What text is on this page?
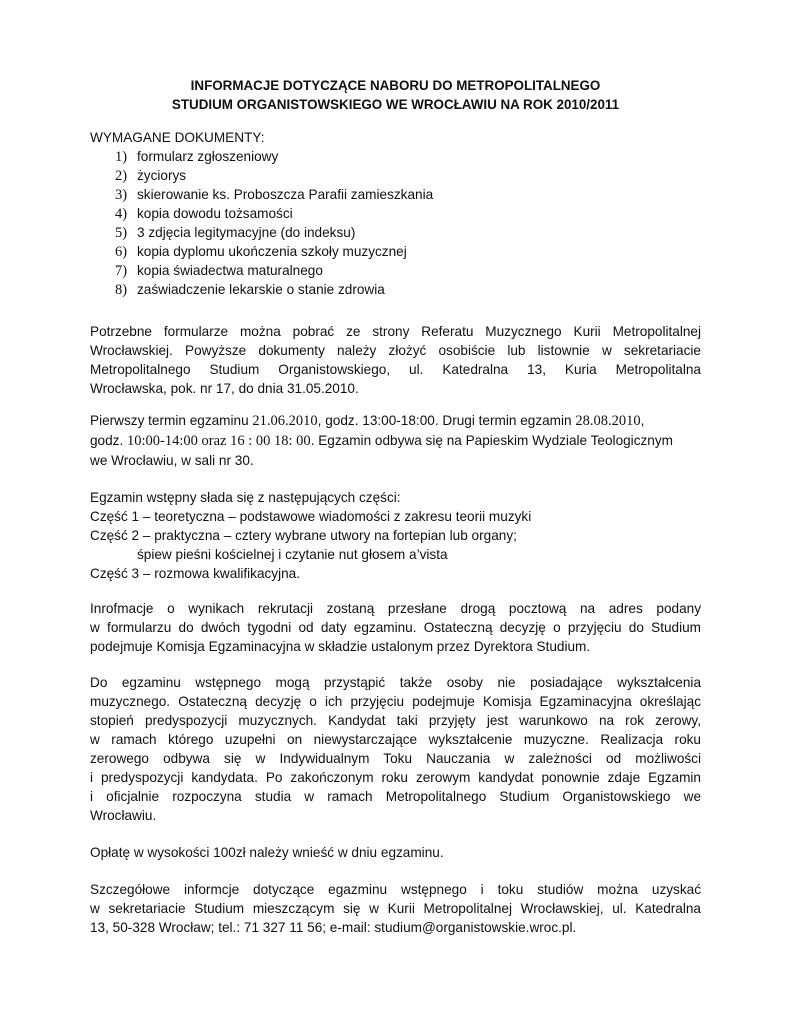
INFORMACJE DOTYCZĄCE NABORU DO METROPOLITALNEGO
STUDIUM ORGANISTOWSKIEGO WE WROCŁAWIU NA ROK 2010/2011
WYMAGANE DOKUMENTY:
1) formularz zgłoszeniowy
2) życiorys
3) skierowanie ks. Proboszcza Parafii zamieszkania
4) kopia dowodu tożsamości
5) 3 zdjęcia legitymacyjne (do indeksu)
6) kopia dyplomu ukończenia szkoły muzycznej
7) kopia świadectwa maturalnego
8) zaświadczenie lekarskie o stanie zdrowia
Potrzebne formularze można pobrać ze strony Referatu Muzycznego Kurii Metropolitalnej
Wrocławskiej. Powyższe dokumenty należy złożyć osobiście lub listownie w sekretariacie
Metropolitalnego Studium Organistowskiego, ul. Katedralna 13, Kuria Metropolitalna
Wrocławska, pok. nr 17, do dnia 31.05.2010.
Pierwszy termin egzaminu 21.06.2010, godz. 13:00-18:00. Drugi termin egzamin 28.08.2010,
godz. 10:00-14:00 oraz 16 : 00 18: 00. Egzamin odbywa się na Papieskim Wydziale Teologicznym
we Wrocławiu, w sali nr 30.
Egzamin wstępny słada się z następujących części:
Część 1 – teoretyczna – podstawowe wiadomości z zakresu teorii muzyki
Część 2 – praktyczna – cztery wybrane utwory na fortepian lub organy;
śpiew pieśni kościelnej i czytanie nut głosem a’vista
Część 3 – rozmowa kwalifikacyjna.
Inrofmacje o wynikach rekrutacji zostaną przesłane drogą pocztową na adres podany
w formularzu do dwóch tygodni od daty egzaminu. Ostateczną decyzję o przyjęciu do Studium
podejmuje Komisja Egzaminacyjna w składzie ustalonym przez Dyrektora Studium.
Do egzaminu wstępnego mogą przystąpić także osoby nie posiadające wykształcenia
muzycznego. Ostateczną decyzję o ich przyjęciu podejmuje Komisja Egzaminacyjna określając
stopień predyspozycji muzycznych. Kandydat taki przyjęty jest warunkowo na rok zerowy,
w ramach którego uzupełni on niewystarczające wykształcenie muzyczne. Realizacja roku
zerowego odbywa się w Indywidualnym Toku Nauczania w zależności od możliwości
i predyspozycji kandydata. Po zakończonym roku zerowym kandydat ponownie zdaje Egzamin
i oficjalnie rozpoczyna studia w ramach Metropolitalnego Studium Organistowskiego we
Wrocławiu.
Opłatę w wysokości 100zł należy wnieść w dniu egzaminu.
Szczegółowe informcje dotyczące egazminu wstępnego i toku studiów można uzyskać
w sekretariacie Studium mieszczącym się w Kurii Metropolitalnej Wrocławskiej, ul. Katedralna
13, 50-328 Wrocław; tel.: 71 327 11 56; e-mail: studium@organistowskie.wroc.pl.
